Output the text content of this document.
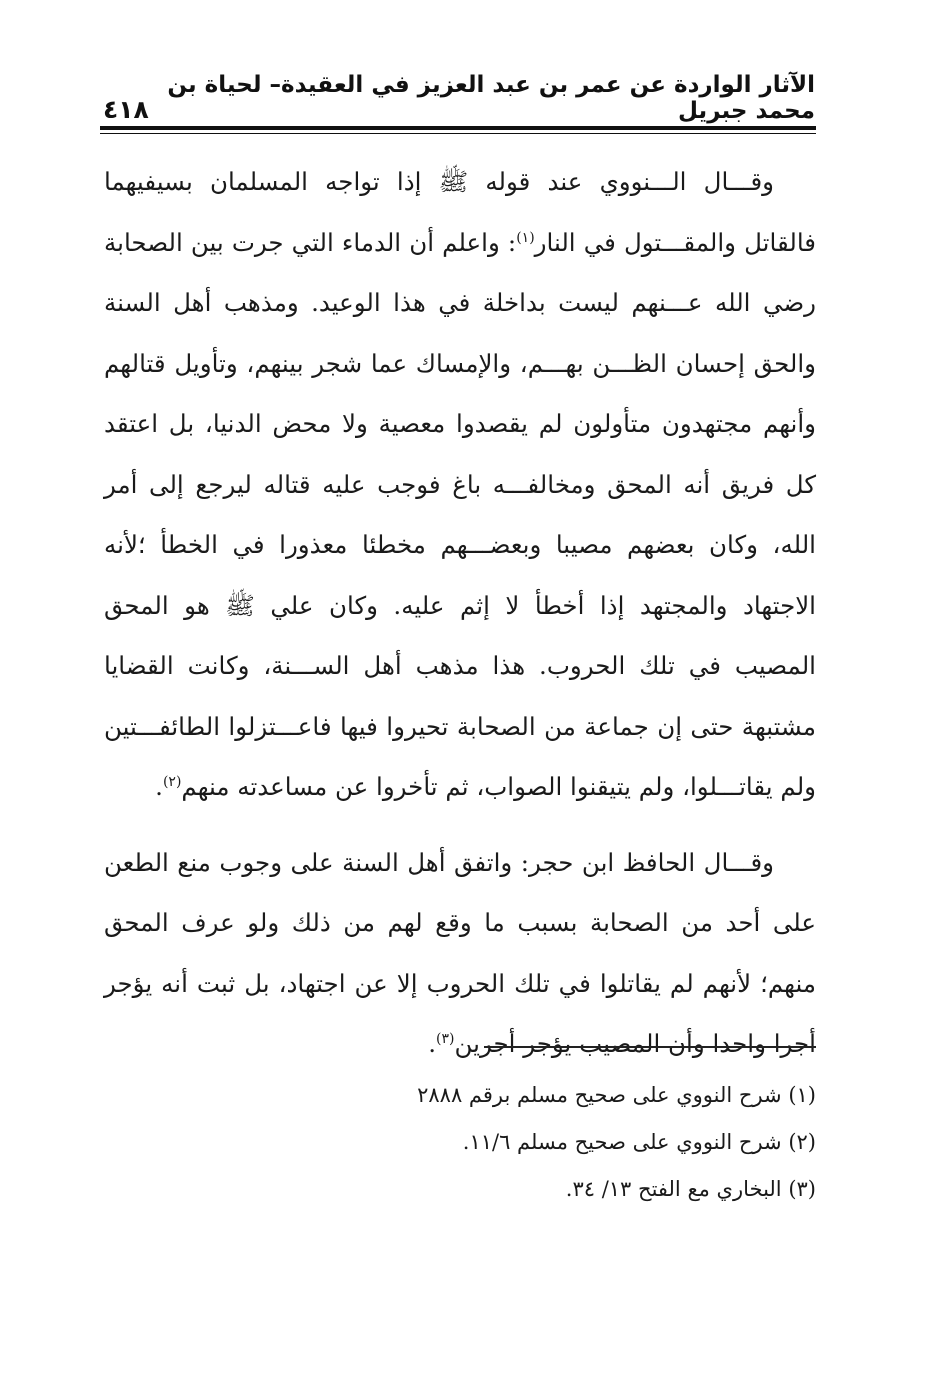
الآثار الواردة عن عمر بن عبد العزيز في العقيدة– لحياة بن محمد جبريل
٤١٨

وقـــال الـــنووي عند قوله ﷺ إذا تواجه المسلمان بسيفيهما فالقاتل والمقـــتول في النار$^{(١)}$: واعلم أن الدماء التي جرت بين الصحابة رضي الله عـــنهم ليست بداخلة في هذا الوعيد. ومذهب أهل السنة والحق إحسان الظـــن بهـــم، والإمساك عما شجر بينهم، وتأويل قتالهم وأنهم مجتهدون متأولون لم يقصدوا معصية ولا محض الدنيا، بل اعتقد كل فريق أنه المحق ومخالفـــه باغ فوجب عليه قتاله ليرجع إلى أمر الله، وكان بعضهم مصيبا وبعضـــهم مخطئا معذورا في الخطأ ؛لأنه الاجتهاد والمجتهد إذا أخطأ لا إثم عليه. وكان علي ﷺ هو المحق المصيب في تلك الحروب. هذا مذهب أهل الســـنة، وكانت القضايا مشتبهة حتى إن جماعة من الصحابة تحيروا فيها فاعـــتزلوا الطائفـــتين ولم يقاتـــلوا، ولم يتيقنوا الصواب، ثم تأخروا عن مساعدته منهم$^{(٢)}$.

وقـــال الحافظ ابن حجر: واتفق أهل السنة على وجوب منع الطعن على أحد من الصحابة بسبب ما وقع لهم من ذلك ولو عرف المحق منهم؛ لأنهم لم يقاتلوا في تلك الحروب إلا عن اجتهاد، بل ثبت أنه يؤجر أجرا واحدا وأن المصيب يؤجر أجرين$^{(٣)}$.

(١) شرح النووي على صحيح مسلم برقم ٢٨٨٨
(٢) شرح النووي على صحيح مسلم ١١/٦.
(٣) البخاري مع الفتح ١٣/ ٣٤.
